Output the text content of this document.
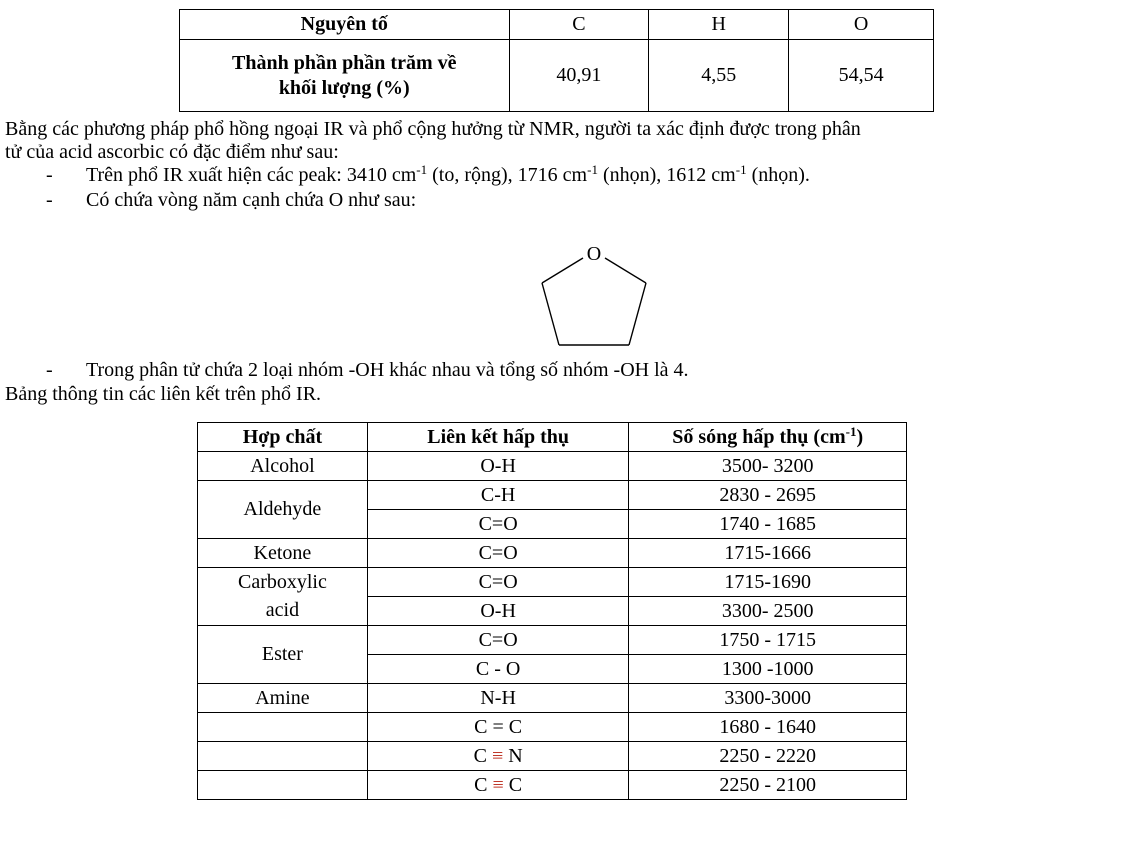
Nguyên tố	C	H	O

Thành phần phần trăm về
khối lượng (%)	40,91	4,55	54,54
Bằng các phương pháp phổ hồng ngoại IR và phổ cộng hưởng từ NMR, người ta xác định được trong phân
tử của acid ascorbic có đặc điểm như sau:
- Trên phổ IR xuất hiện các peak: 3410 $cm^{-1}$ (to, rộng), 1716 $cm^{-1}$ (nhọn), 1612 $cm^{-1}$ (nhọn).
- Có chứa vòng năm cạnh chứa O như sau:
O
- Trong phân tử chứa 2 loại nhóm -OH khác nhau và tổng số nhóm -OH là 4.
Bảng thông tin các liên kết trên phổ IR.
Hợp chất	Liên kết hấp thụ	Số sóng hấp thụ $(cm^{-1})$
Alcohol	O-H	3500- 3200
Aldehyde	C-H	2830 - 2695
	C=O	1740 - 1685
Ketone	C=O	1715-1666
Carboxylic	C=O	1715-1690
acid	O-H	3300- 2500
Ester	C=O	1750 - 1715
	C - O	1300 -1000
Amine	N-H	3300-3000
	C = C	1680 - 1640
	C ≡ N	2250 - 2220
	C ≡ C	2250 - 2100
